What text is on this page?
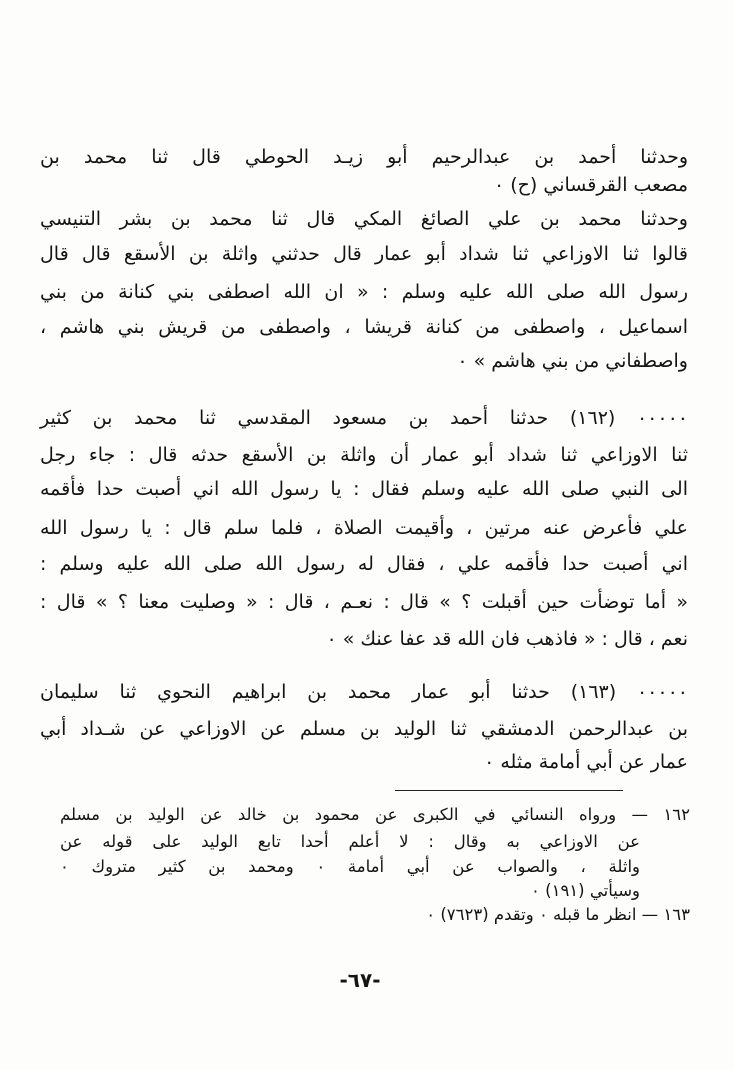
وحدثنا أحمد بن عبدالرحيم أبو زيـد الحوطي قال ثنا محمد بن
مصعب القرقساني (ح) ٠
وحدثنا محمد بن علي الصائغ المكي قال ثنا محمد بن بشر التنيسي
قالوا ثنا الاوزاعي ثنا شداد أبو عمار قال حدثني واثلة بن الأسقع قال قال
رسول الله صلى الله عليه وسلم : « ان الله اصطفى بني كنانة من بني
اسماعيل ، واصطفى من كنانة قريشا ، واصطفى من قريش بني هاشم ،
واصطفاني من بني هاشم » ٠
٠٠٠٠٠ (١٦٢) حدثنا أحمد بن مسعود المقدسي ثنا محمد بن كثير
ثنا الاوزاعي ثنا شداد أبو عمار أن واثلة بن الأسقع حدثه قال : جاء رجل
الى النبي صلى الله عليه وسلم فقال : يا رسول الله اني أصبت حدا فأقمه
علي فأعرض عنه مرتين ، وأقيمت الصلاة ، فلما سلم قال : يا رسول الله
اني أصبت حدا فأقمه علي ، فقال له رسول الله صلى الله عليه وسلم :
« أما توضأت حين أقبلت ؟ » قال : نعـم ، قال : « وصليت معنا ؟ » قال :
نعم ، قال : « فاذهب فان الله قد عفا عنك » ٠
٠٠٠٠٠ (١٦٣) حدثنا أبو عمار محمد بن ابراهيم النحوي ثنا سليمان
بن عبدالرحمن الدمشقي ثنا الوليد بن مسلم عن الاوزاعي عن شـداد أبي
عمار عن أبي أمامة مثله ٠
١٦٢ — ورواه النسائي في الكبرى عن محمود بن خالد عن الوليد بن مسلم
عن الاوزاعي به وقال : لا أعلم أحدا تابع الوليد على قوله عن
واثلة ، والصواب عن أبي أمامة ٠ ومحمد بن كثير متروك ٠
وسيأتي (١٩١) ٠
١٦٣ — انظر ما قبله ٠ وتقدم (٧٦٢٣) ٠
-٦٧-
